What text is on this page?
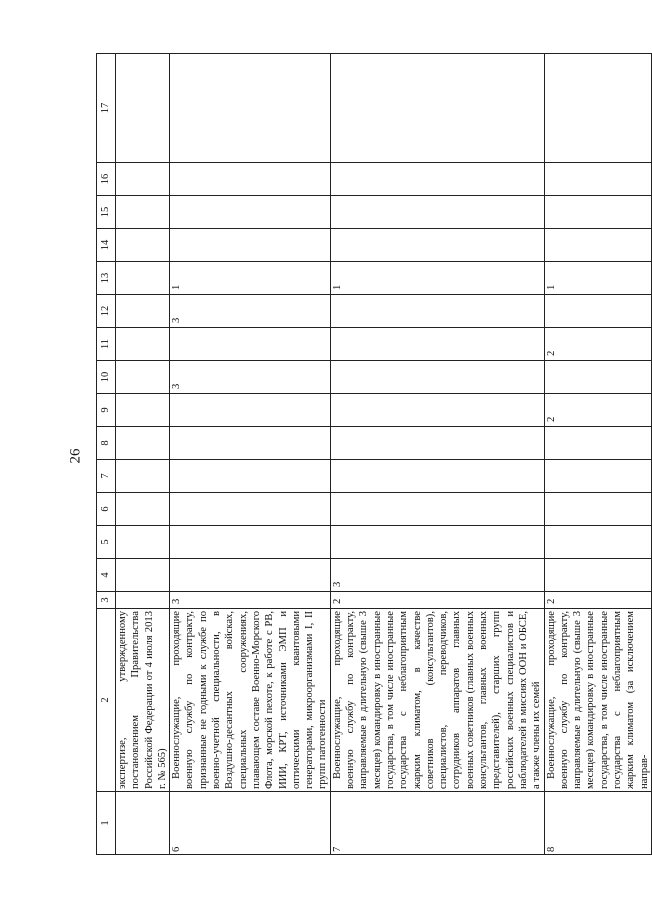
26
1	2	3	4	5	6	7	8	9	10	11	12	13	14	15	16	17
	экспертизе, утвержденному постановлением Правительства Российской Федерации от 4 июля 2013 г. № 565)															
6	Военнослужащие, проходящие военную службу по контракту, признанные не годными к службе по военно-учетной специальности, в Воздушно-десантных войсках, специальных сооружениях, плавающем составе Военно-Морского Флота, морской пехоте, к работе с РВ, ИИИ, КРТ, источниками ЭМП и оптическими квантовыми генераторами, микроорганизмами I, II групп патогенности	3							3		3	1				
7	Военнослужащие, проходящие военную службу по контракту, направляемые в длительную (свыше 3 месяцев) командировку в иностранные государства, в том числе иностранные государства с неблагоприятным жарким климатом, в качестве советников (консультантов), специалистов, переводчиков, сотрудников аппаратов главных военных советников (главных военных консультантов, главных военных представителей), старших групп российских военных специалистов и наблюдателей в миссиях ООН и ОБСЕ, а также члены их семей	2	3									1				
8	Военнослужащие, проходящие военную службу по контракту, направляемые в длительную (свыше 3 месяцев) командировку в иностранные государства, в том числе иностранные государства с неблагоприятным жарким климатом (за исключением направ-	2						2		2		1				
